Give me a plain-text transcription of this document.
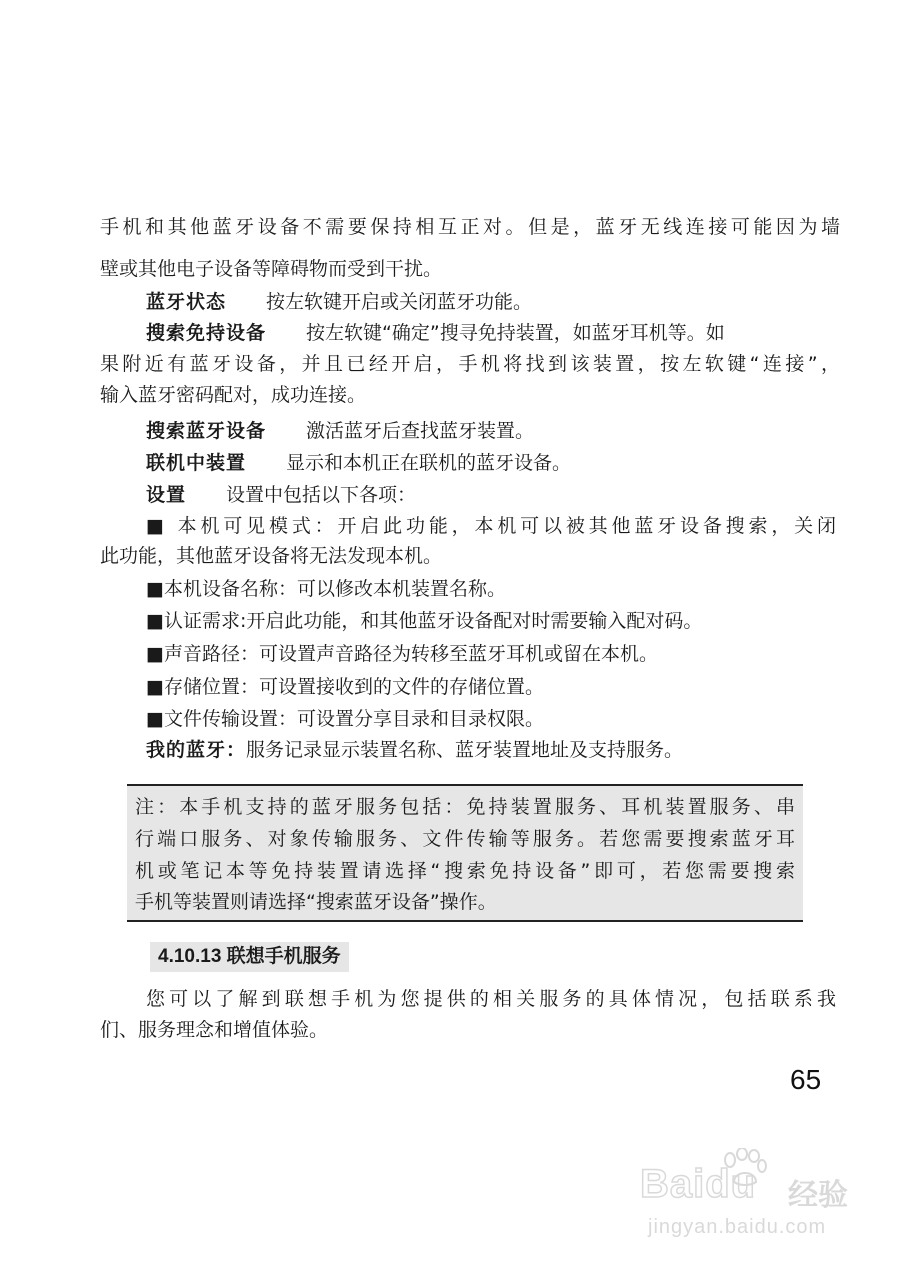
手机和其他蓝牙设备不需要保持相互正对。但是，蓝牙无线连接可能因为墙
壁或其他电子设备等障碍物而受到干扰。
蓝牙状态 按左软键开启或关闭蓝牙功能。
搜索免持设备 按左软键“确定”搜寻免持装置，如蓝牙耳机等。如
果附近有蓝牙设备，并且已经开启，手机将找到该装置，按左软键“连接”，
输入蓝牙密码配对，成功连接。
搜索蓝牙设备 激活蓝牙后查找蓝牙装置。
联机中装置 显示和本机正在联机的蓝牙设备。
设置 设置中包括以下各项：
■ 本机可见模式：开启此功能，本机可以被其他蓝牙设备搜索，关闭
此功能，其他蓝牙设备将无法发现本机。
■本机设备名称：可以修改本机装置名称。
■认证需求:开启此功能，和其他蓝牙设备配对时需要输入配对码。
■声音路径：可设置声音路径为转移至蓝牙耳机或留在本机。
■存储位置：可设置接收到的文件的存储位置。
■文件传输设置：可设置分享目录和目录权限。
我的蓝牙：服务记录显示装置名称、蓝牙装置地址及支持服务。
注：本手机支持的蓝牙服务包括：免持装置服务、耳机装置服务、串
行端口服务、对象传输服务、文件传输等服务。若您需要搜索蓝牙耳
机或笔记本等免持装置请选择“搜索免持设备”即可，若您需要搜索
手机等装置则请选择“搜索蓝牙设备”操作。
4.10.13 联想手机服务
您可以了解到联想手机为您提供的相关服务的具体情况，包括联系我
们、服务理念和增值体验。
65
Baidu 经验
jingyan.baidu.com
